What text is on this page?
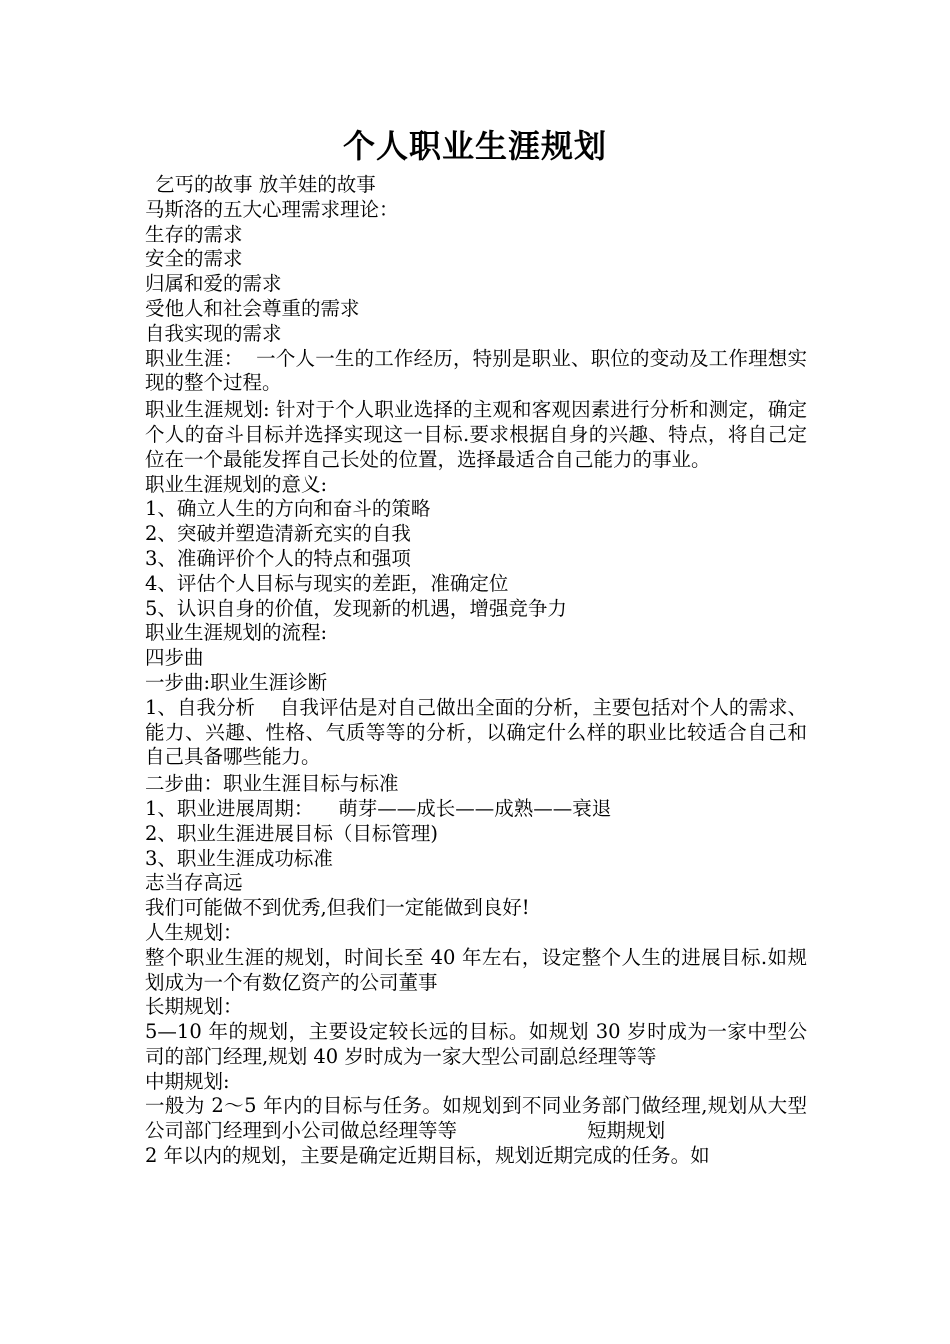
个人职业生涯规划

乞丐的故事 放羊娃的故事

马斯洛的五大心理需求理论：

生存的需求

安全的需求

归属和爱的需求

受他人和社会尊重的需求

自我实现的需求

职业生涯：  一个人一生的工作经历，特别是职业、职位的变动及工作理想实现的整个过程。

职业生涯规划: 针对于个人职业选择的主观和客观因素进行分析和测定，确定个人的奋斗目标并选择实现这一目标.要求根据自身的兴趣、特点，将自己定位在一个最能发挥自己长处的位置，选择最适合自己能力的事业。

职业生涯规划的意义:

1、确立人生的方向和奋斗的策略

2、突破并塑造清新充实的自我

3、准确评价个人的特点和强项

4、评估个人目标与现实的差距，准确定位

5、认识自身的价值，发现新的机遇，增强竞争力

职业生涯规划的流程:

四步曲

一步曲:职业生涯诊断

1、自我分析    自我评估是对自己做出全面的分析，主要包括对个人的需求、能力、兴趣、性格、气质等等的分析，以确定什么样的职业比较适合自己和自己具备哪些能力。

二步曲：职业生涯目标与标准

1、职业进展周期：    萌芽——成长——成熟——衰退

2、职业生涯进展目标（目标管理)

3、职业生涯成功标准

志当存高远

我们可能做不到优秀,但我们一定能做到良好!

人生规划：

整个职业生涯的规划，时间长至 40 年左右，设定整个人生的进展目标.如规划成为一个有数亿资产的公司董事

长期规划：

5—10 年的规划，主要设定较长远的目标。如规划 30 岁时成为一家中型公司的部门经理,规划 40 岁时成为一家大型公司副总经理等等

中期规划:

一般为 2～5 年内的目标与任务。如规划到不同业务部门做经理,规划从大型公司部门经理到小公司做总经理等等                     短期规划

2 年以内的规划，主要是确定近期目标，规划近期完成的任务。如
